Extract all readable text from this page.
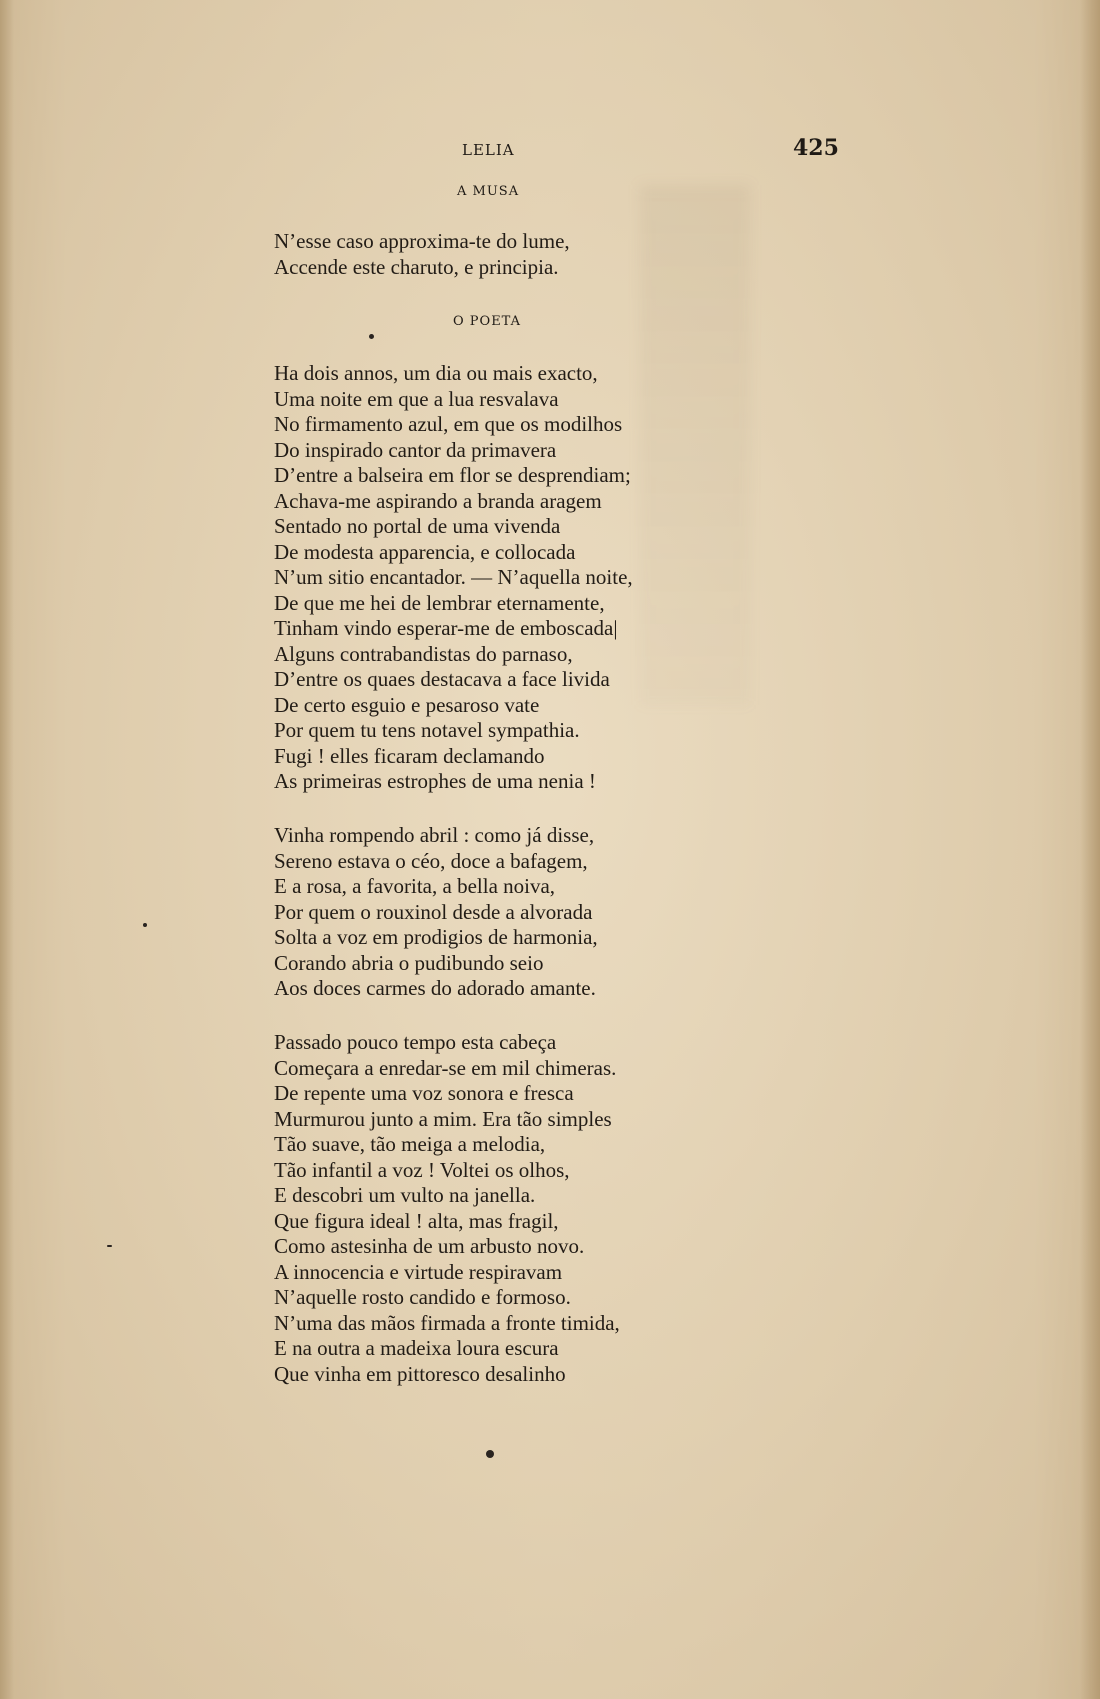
LELIA	425
A MUSA
N’esse caso approxima-te do lume,
Accende este charuto, e principia.
O POETA
Ha dois annos, um dia ou mais exacto,
Uma noite em que a lua resvalava
No firmamento azul, em que os modilhos
Do inspirado cantor da primavera
D’entre a balseira em flor se desprendiam;
Achava-me aspirando a branda aragem
Sentado no portal de uma vivenda
De modesta apparencia, e collocada
N’um sitio encantador. — N’aquella noite,
De que me hei de lembrar eternamente,
Tinham vindo esperar-me de emboscada|
Alguns contrabandistas do parnaso,
D’entre os quaes destacava a face livida
De certo esguio e pesaroso vate
Por quem tu tens notavel sympathia.
Fugi ! elles ficaram declamando
As primeiras estrophes de uma nenia !
Vinha rompendo abril : como já disse,
Sereno estava o céo, doce a bafagem,
E a rosa, a favorita, a bella noiva,
Por quem o rouxinol desde a alvorada
Solta a voz em prodigios de harmonia,
Corando abria o pudibundo seio
Aos doces carmes do adorado amante.
Passado pouco tempo esta cabeça
Começara a enredar-se em mil chimeras.
De repente uma voz sonora e fresca
Murmurou junto a mim. Era tão simples
Tão suave, tão meiga a melodia,
Tão infantil a voz ! Voltei os olhos,
E descobri um vulto na janella.
Que figura ideal ! alta, mas fragil,
Como astesinha de um arbusto novo.
A innocencia e virtude respiravam
N’aquelle rosto candido e formoso.
N’uma das mãos firmada a fronte timida,
E na outra a madeixa loura escura
Que vinha em pittoresco desalinho
